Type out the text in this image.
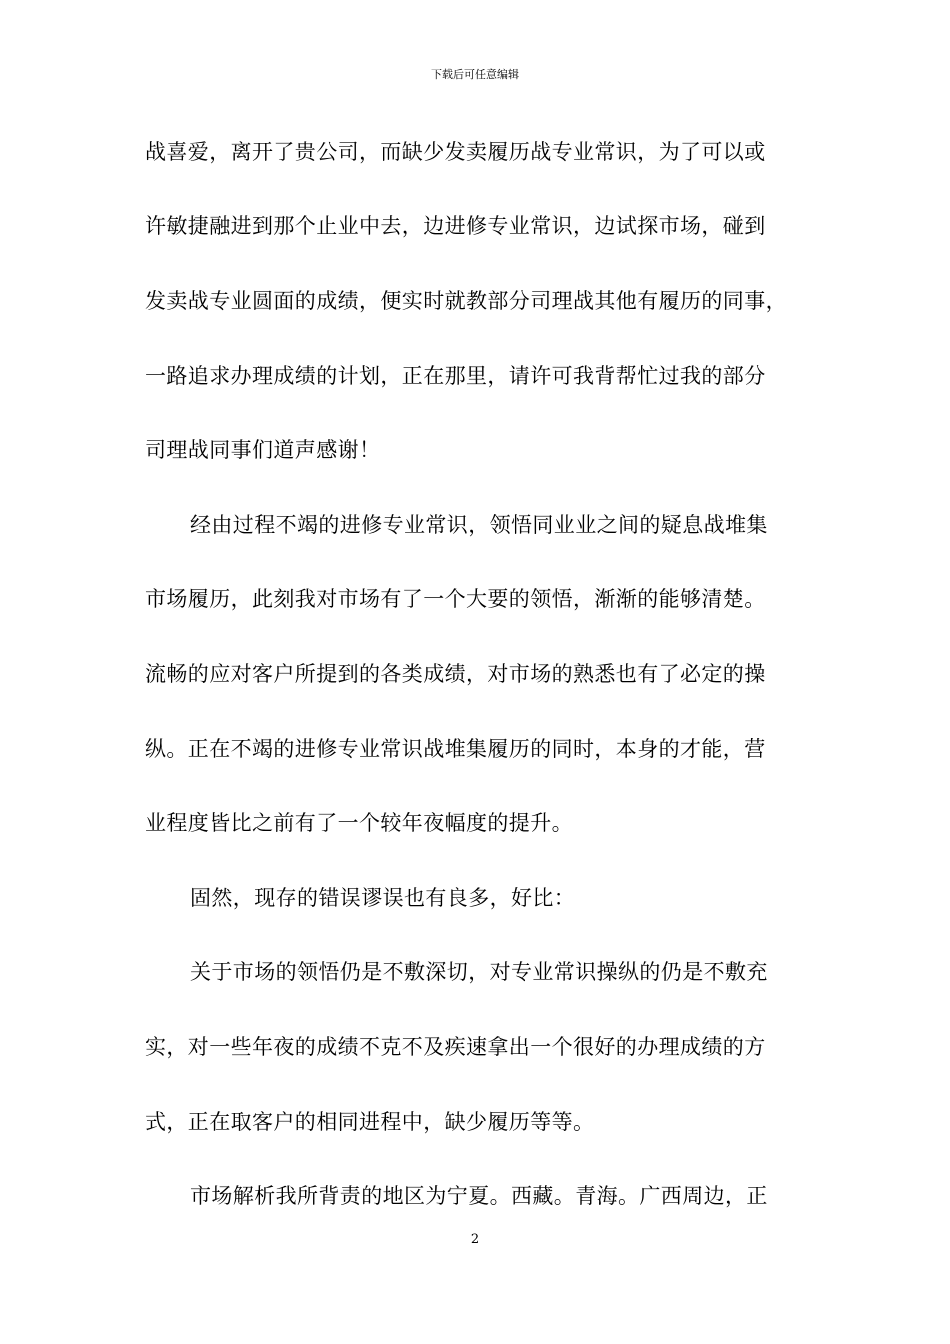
下载后可任意编辑
战喜爱，离开了贵公司，而缺少发卖履历战专业常识，为了可以或
许敏捷融进到那个止业中去，边进修专业常识，边试探市场，碰到
发卖战专业圆面的成绩，便实时就教部分司理战其他有履历的同事，
一路追求办理成绩的计划，正在那里，请许可我背帮忙过我的部分
司理战同事们道声感谢！
经由过程不竭的进修专业常识，领悟同业业之间的疑息战堆集
市场履历，此刻我对市场有了一个大要的领悟，渐渐的能够清楚。
流畅的应对客户所提到的各类成绩，对市场的熟悉也有了必定的操
纵。正在不竭的进修专业常识战堆集履历的同时，本身的才能，营
业程度皆比之前有了一个较年夜幅度的提升。
固然，现存的错误谬误也有良多，好比：
关于市场的领悟仍是不敷深切，对专业常识操纵的仍是不敷充
实，对一些年夜的成绩不克不及疾速拿出一个很好的办理成绩的方
式，正在取客户的相同进程中，缺少履历等等。
市场解析我所背责的地区为宁夏。西藏。青海。广西周边，正
2
